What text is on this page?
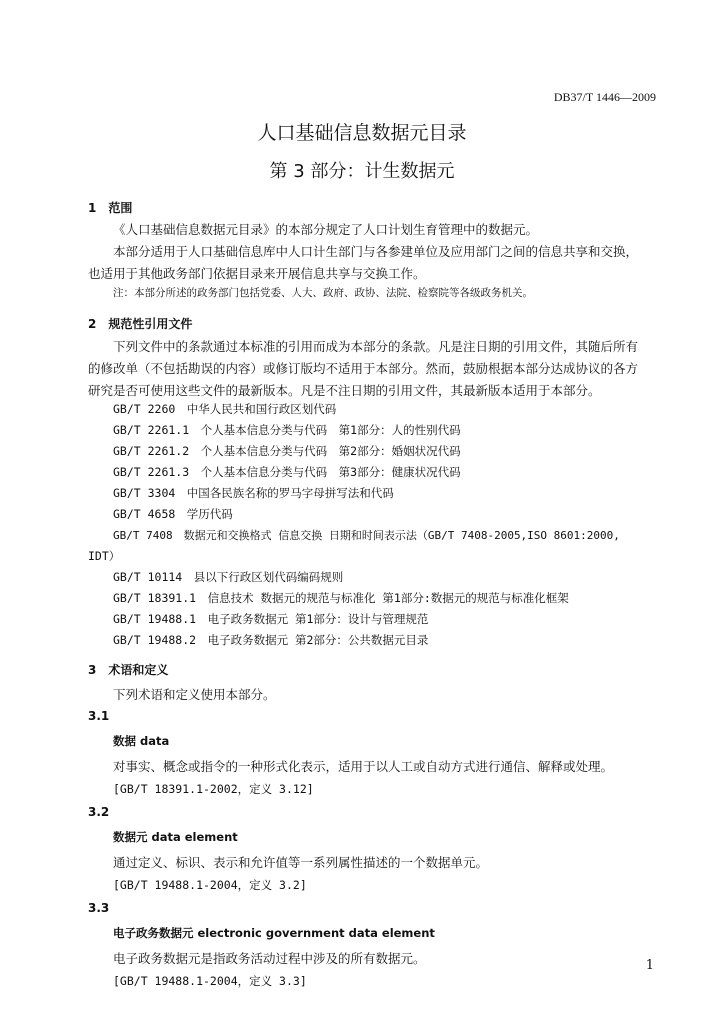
DB37/T 1446—2009
人口基础信息数据元目录
第 3 部分：计生数据元
1　范围
《人口基础信息数据元目录》的本部分规定了人口计划生育管理中的数据元。
本部分适用于人口基础信息库中人口计生部门与各参建单位及应用部门之间的信息共享和交换，
也适用于其他政务部门依据目录来开展信息共享与交换工作。
注：本部分所述的政务部门包括党委、人大、政府、政协、法院、检察院等各级政务机关。
2　规范性引用文件
下列文件中的条款通过本标准的引用而成为本部分的条款。凡是注日期的引用文件，其随后所有
的修改单（不包括勘误的内容）或修订版均不适用于本部分。然而，鼓励根据本部分达成协议的各方
研究是否可使用这些文件的最新版本。凡是不注日期的引用文件，其最新版本适用于本部分。
GB/T 2260　中华人民共和国行政区划代码
GB/T 2261.1　个人基本信息分类与代码　第1部分：人的性别代码
GB/T 2261.2　个人基本信息分类与代码　第2部分：婚姻状况代码
GB/T 2261.3　个人基本信息分类与代码　第3部分：健康状况代码
GB/T 3304　中国各民族名称的罗马字母拼写法和代码
GB/T 4658　学历代码
GB/T 7408　数据元和交换格式 信息交换 日期和时间表示法（GB/T 7408-2005,ISO 8601:2000,
IDT）
GB/T 10114　县以下行政区划代码编码规则
GB/T 18391.1　信息技术 数据元的规范与标准化 第1部分:数据元的规范与标准化框架
GB/T 19488.1　电子政务数据元 第1部分：设计与管理规范
GB/T 19488.2　电子政务数据元 第2部分：公共数据元目录
3　术语和定义
下列术语和定义使用本部分。
3.1
数据 data
对事实、概念或指令的一种形式化表示，适用于以人工或自动方式进行通信、解释或处理。
[GB/T 18391.1-2002，定义 3.12]
3.2
数据元 data element
通过定义、标识、表示和允许值等一系列属性描述的一个数据单元。
[GB/T 19488.1-2004，定义 3.2]
3.3
电子政务数据元 electronic government data element
电子政务数据元是指政务活动过程中涉及的所有数据元。
[GB/T 19488.1-2004，定义 3.3]
1
